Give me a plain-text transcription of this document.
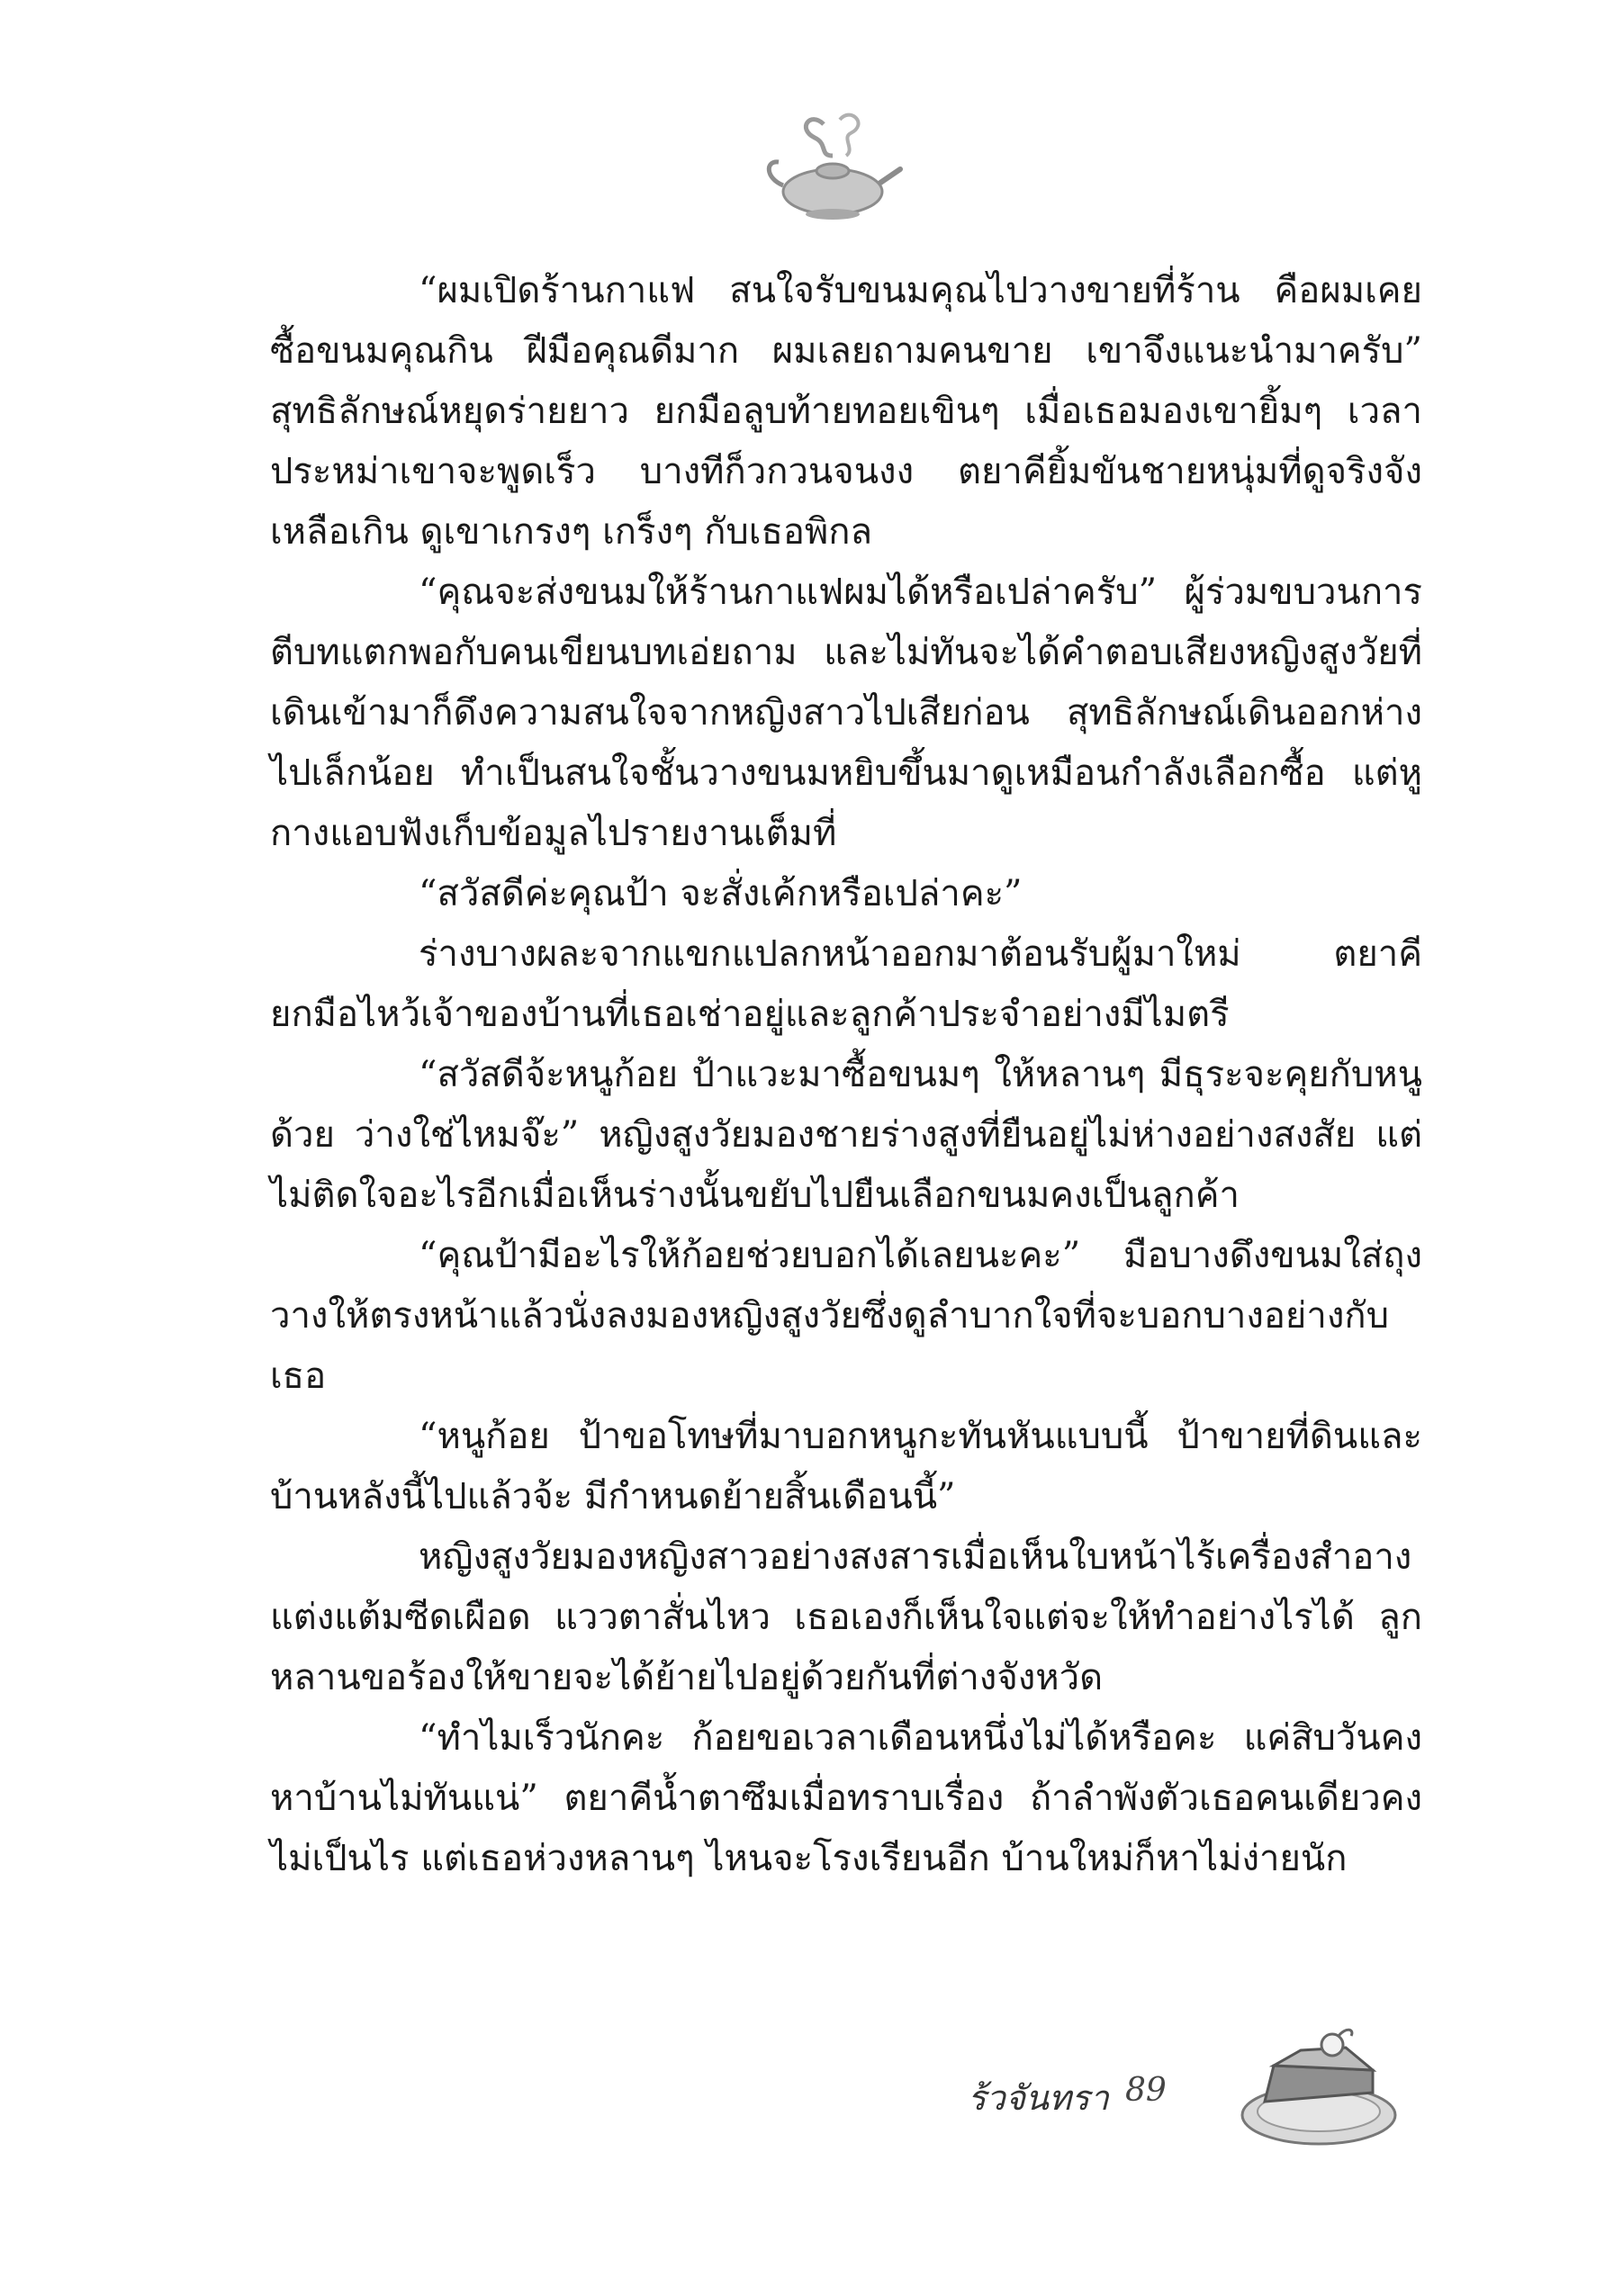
“ผมเปิดร้านกาแฟ สนใจรับขนมคุณไปวางขายที่ร้าน คือผมเคยซื้อขนมคุณกิน ฝีมือคุณดีมาก ผมเลยถามคนขาย เขาจึงแนะนำมาครับ” สุทธิลักษณ์หยุดร่ายยาว ยกมือลูบท้ายทอยเขินๆ เมื่อเธอมองเขายิ้มๆ เวลาประหม่าเขาจะพูดเร็ว บางทีก็วกวนจนงง ตยาคียิ้มขันชายหนุ่มที่ดูจริงจังเหลือเกิน ดูเขาเกรงๆ เกร็งๆ กับเธอพิกล

“คุณจะส่งขนมให้ร้านกาแฟผมได้หรือเปล่าครับ” ผู้ร่วมขบวนการตีบทแตกพอกับคนเขียนบทเอ่ยถาม และไม่ทันจะได้คำตอบเสียงหญิงสูงวัยที่เดินเข้ามาก็ดึงความสนใจจากหญิงสาวไปเสียก่อน สุทธิลักษณ์เดินออกห่างไปเล็กน้อย ทำเป็นสนใจชั้นวางขนมหยิบขึ้นมาดูเหมือนกำลังเลือกซื้อ แต่หูกางแอบฟังเก็บข้อมูลไปรายงานเต็มที่

“สวัสดีค่ะคุณป้า จะสั่งเค้กหรือเปล่าคะ”

ร่างบางผละจากแขกแปลกหน้าออกมาต้อนรับผู้มาใหม่ ตยาคียกมือไหว้เจ้าของบ้านที่เธอเช่าอยู่และลูกค้าประจำอย่างมีไมตรี

“สวัสดีจ้ะหนูก้อย ป้าแวะมาซื้อขนมๆ ให้หลานๆ มีธุระจะคุยกับหนูด้วย ว่างใช่ไหมจ๊ะ” หญิงสูงวัยมองชายร่างสูงที่ยืนอยู่ไม่ห่างอย่างสงสัย แต่ไม่ติดใจอะไรอีกเมื่อเห็นร่างนั้นขยับไปยืนเลือกขนมคงเป็นลูกค้า

“คุณป้ามีอะไรให้ก้อยช่วยบอกได้เลยนะคะ” มือบางดึงขนมใส่ถุงวางให้ตรงหน้าแล้วนั่งลงมองหญิงสูงวัยซึ่งดูลำบากใจที่จะบอกบางอย่างกับเธอ

“หนูก้อย ป้าขอโทษที่มาบอกหนูกะทันหันแบบนี้ ป้าขายที่ดินและบ้านหลังนี้ไปแล้วจ้ะ มีกำหนดย้ายสิ้นเดือนนี้”

หญิงสูงวัยมองหญิงสาวอย่างสงสารเมื่อเห็นใบหน้าไร้เครื่องสำอางแต่งแต้มซีดเผือด แววตาสั่นไหว เธอเองก็เห็นใจแต่จะให้ทำอย่างไรได้ ลูกหลานขอร้องให้ขายจะได้ย้ายไปอยู่ด้วยกันที่ต่างจังหวัด

“ทำไมเร็วนักคะ ก้อยขอเวลาเดือนหนึ่งไม่ได้หรือคะ แค่สิบวันคงหาบ้านไม่ทันแน่” ตยาคีน้ำตาซึมเมื่อทราบเรื่อง ถ้าลำพังตัวเธอคนเดียวคงไม่เป็นไร แต่เธอห่วงหลานๆ ไหนจะโรงเรียนอีก บ้านใหม่ก็หาไม่ง่ายนัก

ร้วจันทรา 89
